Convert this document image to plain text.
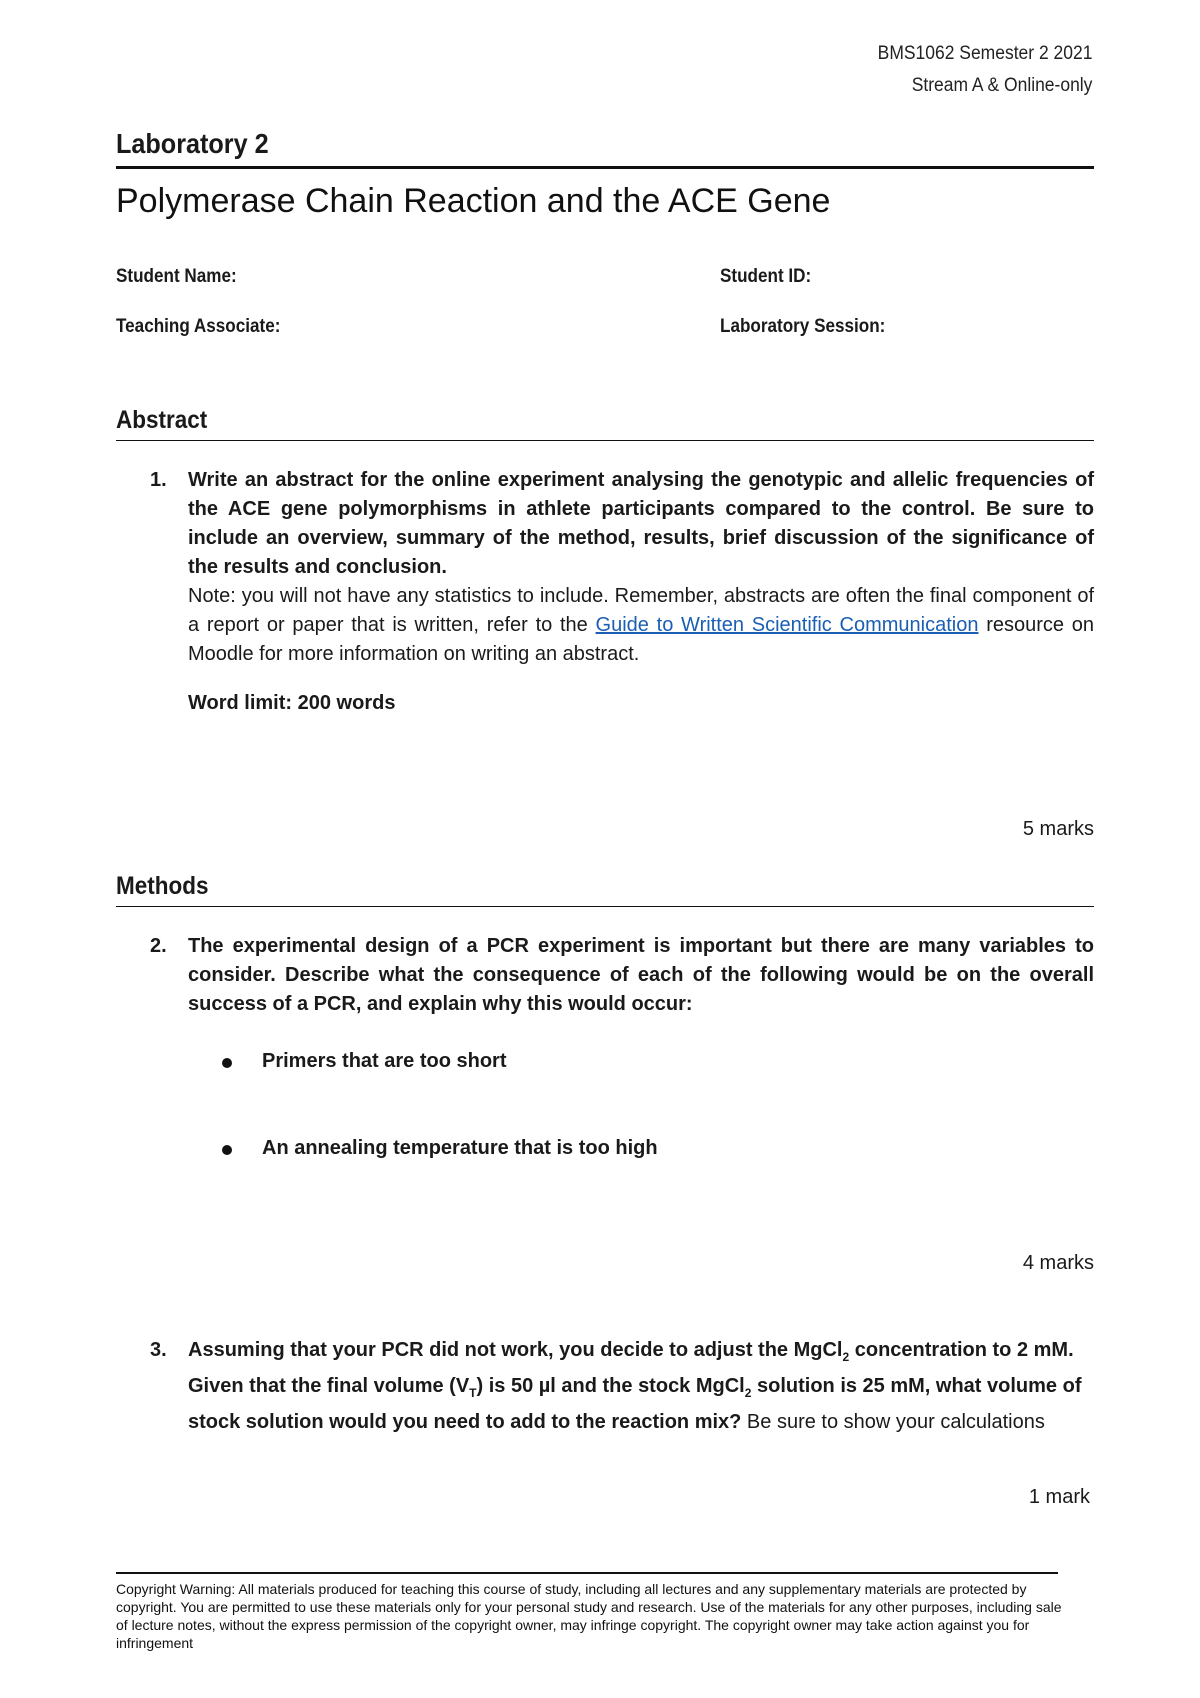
BMS1062 Semester 2 2021
Stream A & Online-only
Laboratory 2
Polymerase Chain Reaction and the ACE Gene
Student Name:	Student ID:
Teaching Associate:	Laboratory Session:
Abstract
1. Write an abstract for the online experiment analysing the genotypic and allelic frequencies of the ACE gene polymorphisms in athlete participants compared to the control. Be sure to include an overview, summary of the method, results, brief discussion of the significance of the results and conclusion.
Note: you will not have any statistics to include. Remember, abstracts are often the final component of a report or paper that is written, refer to the Guide to Written Scientific Communication resource on Moodle for more information on writing an abstract.
Word limit: 200 words
5 marks
Methods
2. The experimental design of a PCR experiment is important but there are many variables to consider. Describe what the consequence of each of the following would be on the overall success of a PCR, and explain why this would occur:
Primers that are too short
An annealing temperature that is too high
4 marks
3. Assuming that your PCR did not work, you decide to adjust the MgCl$_2$ concentration to 2 mM. Given that the final volume $(V_T)$ is 50 µl and the stock MgCl$_2$ solution is 25 mM, what volume of stock solution would you need to add to the reaction mix? Be sure to show your calculations
1 mark
Copyright Warning: All materials produced for teaching this course of study, including all lectures and any supplementary materials are protected by copyright. You are permitted to use these materials only for your personal study and research. Use of the materials for any other purposes, including sale of lecture notes, without the express permission of the copyright owner, may infringe copyright. The copyright owner may take action against you for infringement
